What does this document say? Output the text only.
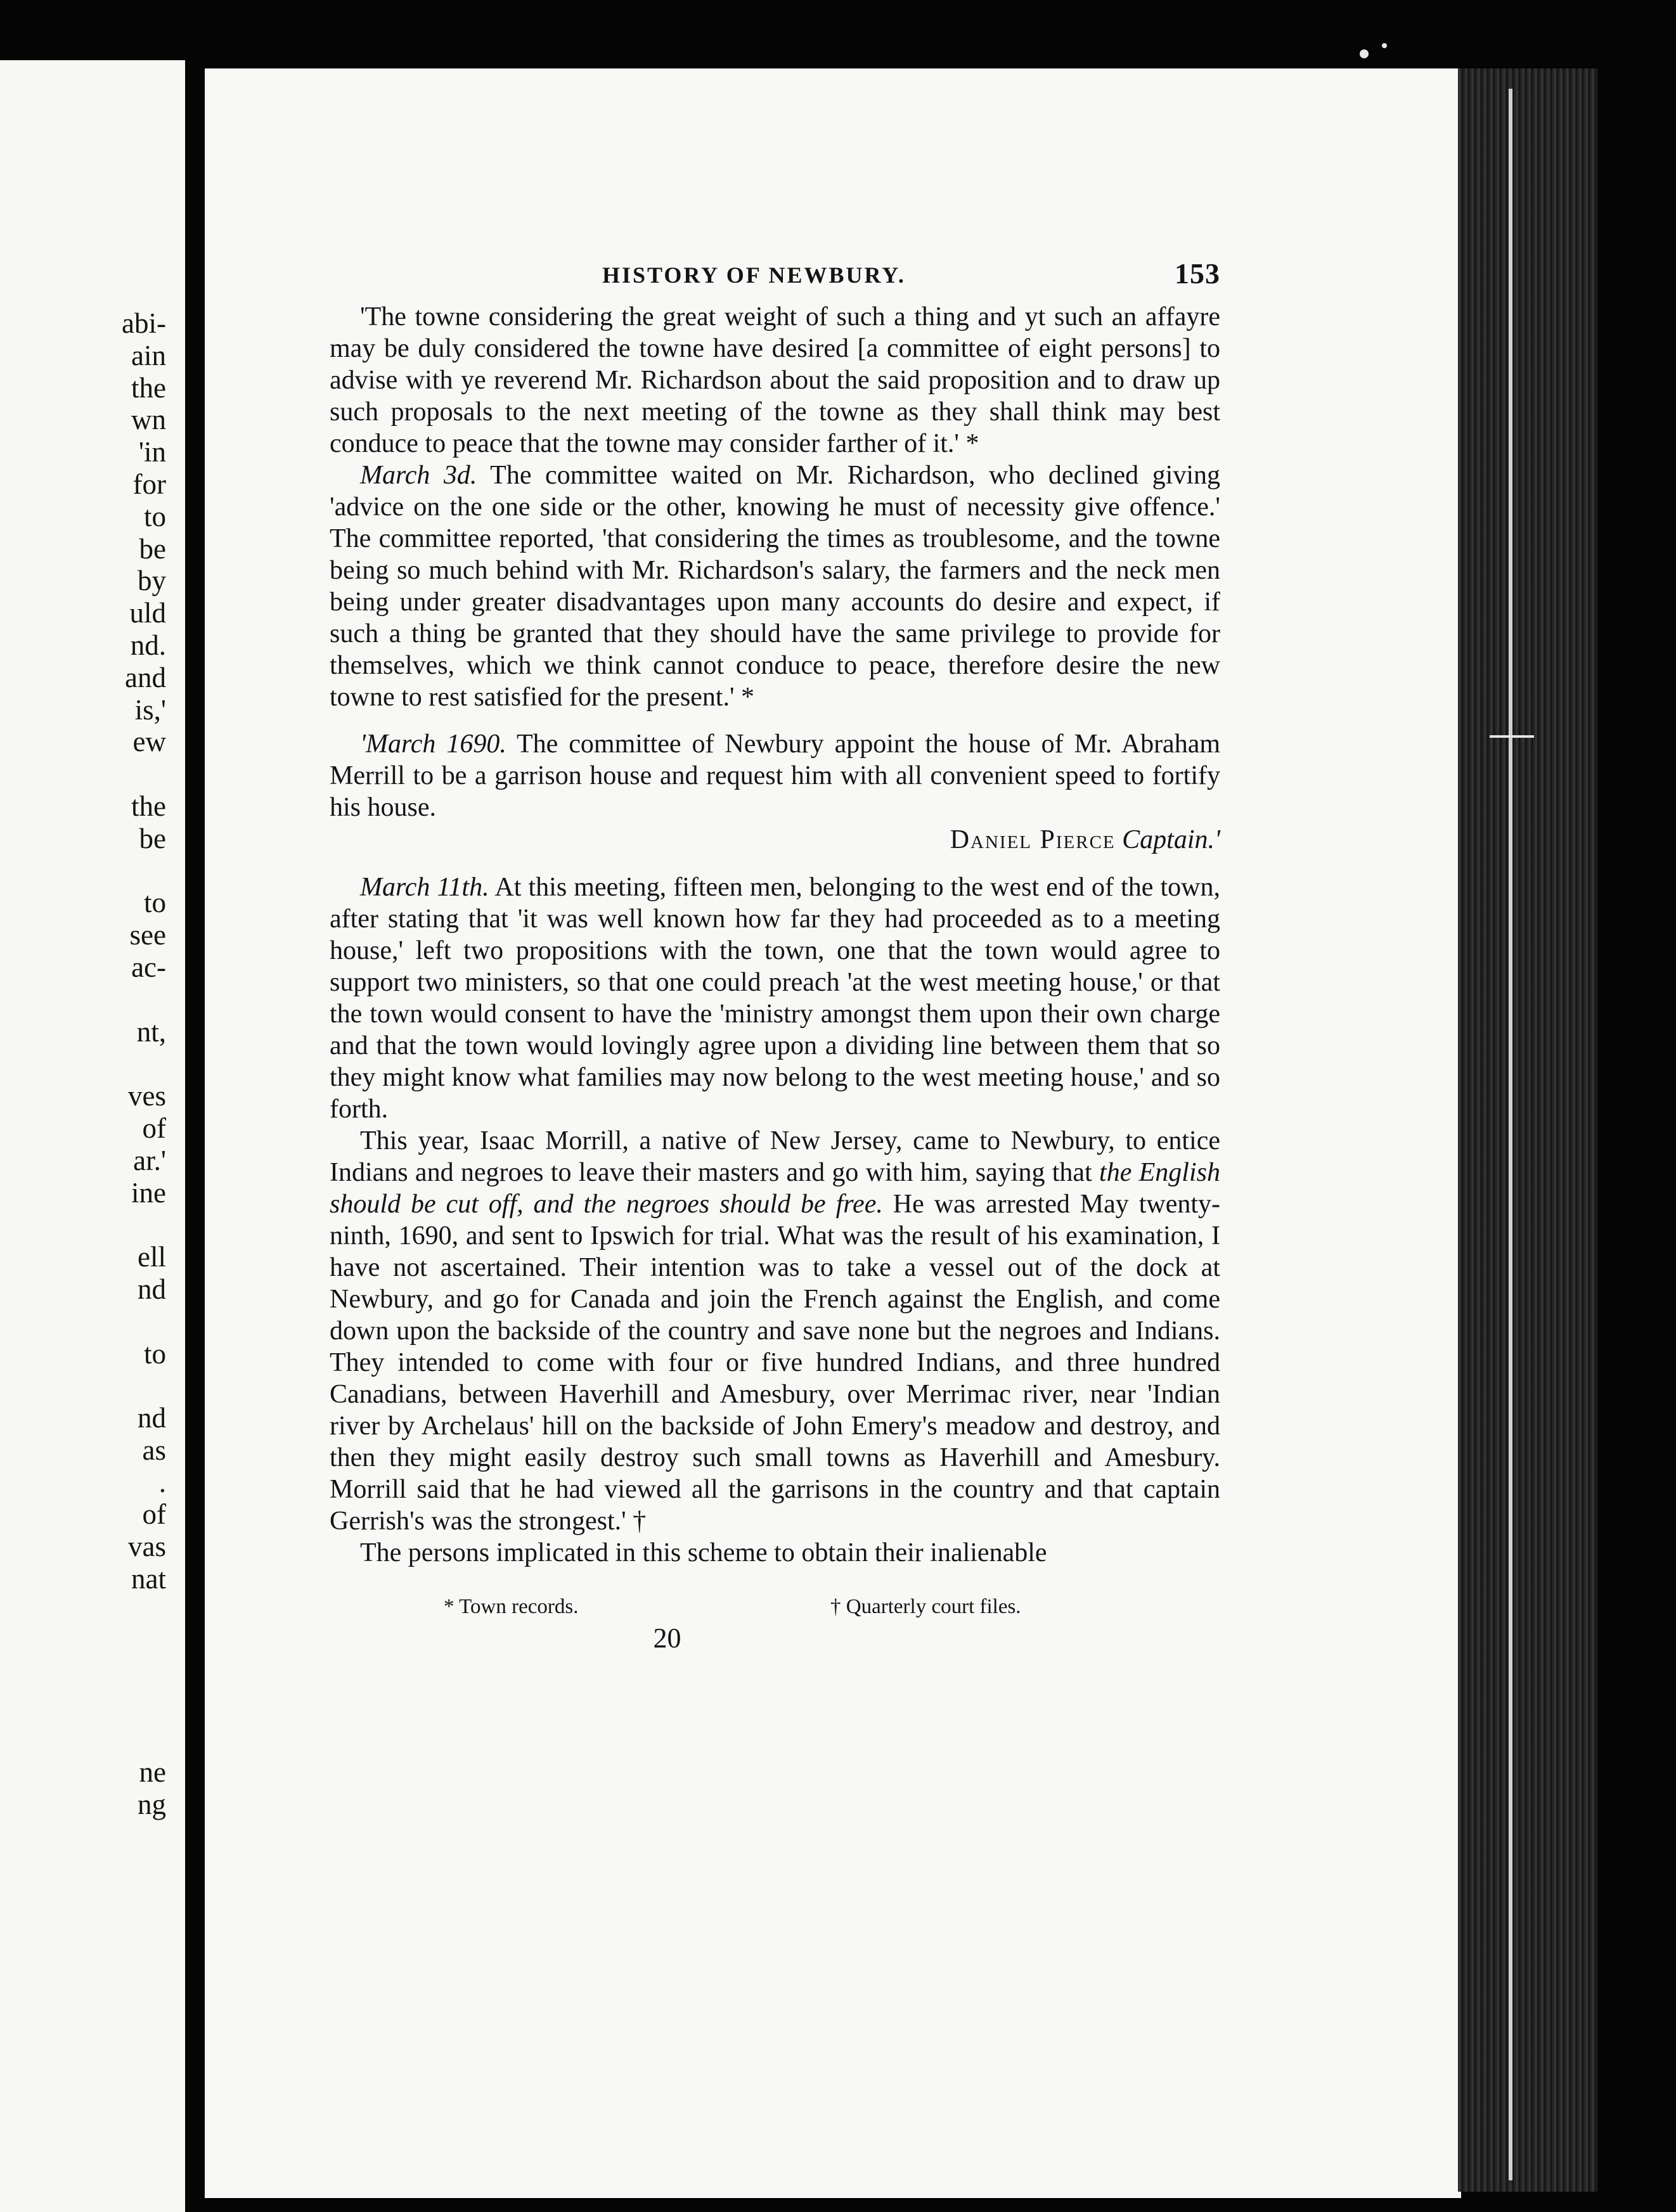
abi-
ain
the
wn
'in
for
to
be
by
uld
nd.
and
is,'
ew
the
be
to
see
ac-
nt,
ves
of
ar.'
ine
ell
nd
to
nd
as
.
of
vas
nat
ne
ng
HISTORY OF NEWBURY.	153

'The towne considering the great weight of such a thing and yt such an affayre may be duly considered the towne have desired [a committee of eight persons] to advise with ye reverend Mr. Richardson about the said proposition and to draw up such proposals to the next meeting of the towne as they shall think may best conduce to peace that the towne may consider farther of it.' *

March 3d. The committee waited on Mr. Richardson, who declined giving 'advice on the one side or the other, knowing he must of necessity give offence.' The committee reported, 'that considering the times as troublesome, and the towne being so much behind with Mr. Richardson's salary, the farmers and the neck men being under greater disadvantages upon many accounts do desire and expect, if such a thing be granted that they should have the same privilege to provide for themselves, which we think cannot conduce to peace, therefore desire the new towne to rest satisfied for the present.' *

'March 1690. The committee of Newbury appoint the house of Mr. Abraham Merrill to be a garrison house and request him with all convenient speed to fortify his house.

Daniel Pierce Captain.'

March 11th. At this meeting, fifteen men, belonging to the west end of the town, after stating that 'it was well known how far they had proceeded as to a meeting house,' left two propositions with the town, one that the town would agree to support two ministers, so that one could preach 'at the west meeting house,' or that the town would consent to have the 'ministry amongst them upon their own charge and that the town would lovingly agree upon a dividing line between them that so they might know what families may now belong to the west meeting house,' and so forth.

This year, Isaac Morrill, a native of New Jersey, came to Newbury, to entice Indians and negroes to leave their masters and go with him, saying that the English should be cut off, and the negroes should be free. He was arrested May twenty-ninth, 1690, and sent to Ipswich for trial. What was the result of his examination, I have not ascertained. Their intention was to take a vessel out of the dock at Newbury, and go for Canada and join the French against the English, and come down upon the backside of the country and save none but the negroes and Indians. They intended to come with four or five hundred Indians, and three hundred Canadians, between Haverhill and Amesbury, over Merrimac river, near 'Indian river by Archelaus' hill on the backside of John Emery's meadow and destroy, and then they might easily destroy such small towns as Haverhill and Amesbury. Morrill said that he had viewed all the garrisons in the country and that captain Gerrish's was the strongest.' †

The persons implicated in this scheme to obtain their inalienable

* Town records.	† Quarterly court files.
20
